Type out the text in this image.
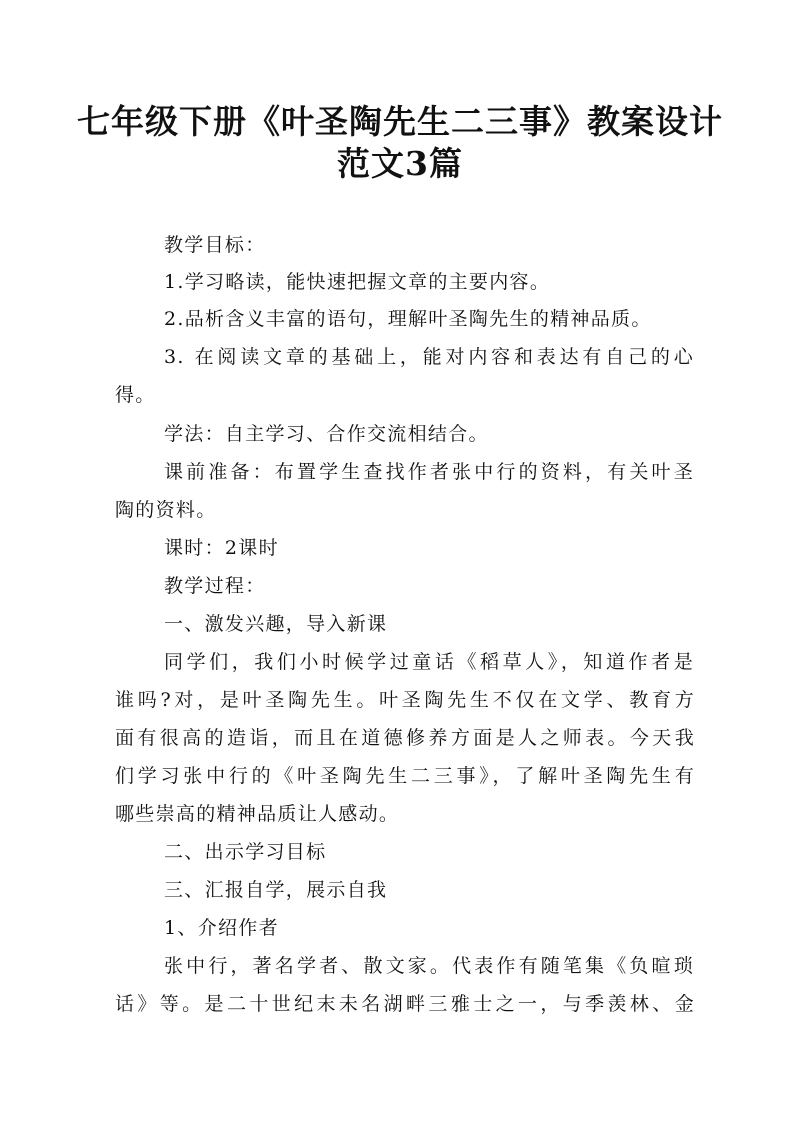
七年级下册《叶圣陶先生二三事》教案设计
范文3篇

教学目标：

1.学习略读，能快速把握文章的主要内容。

2.品析含义丰富的语句，理解叶圣陶先生的精神品质。

3. 在阅读文章的基础上，能对内容和表达有自己的心

得。

学法：自主学习、合作交流相结合。

课前准备：布置学生查找作者张中行的资料，有关叶圣

陶的资料。

课时：2课时

教学过程：

一、激发兴趣，导入新课

同学们，我们小时候学过童话《稻草人》，知道作者是

谁吗?对，是叶圣陶先生。叶圣陶先生不仅在文学、教育方

面有很高的造诣，而且在道德修养方面是人之师表。今天我

们学习张中行的《叶圣陶先生二三事》，了解叶圣陶先生有

哪些崇高的精神品质让人感动。

二、出示学习目标

三、汇报自学，展示自我

1、介绍作者

张中行，著名学者、散文家。代表作有随笔集《负暄琐

话》等。是二十世纪末未名湖畔三雅士之一，与季羡林、金
